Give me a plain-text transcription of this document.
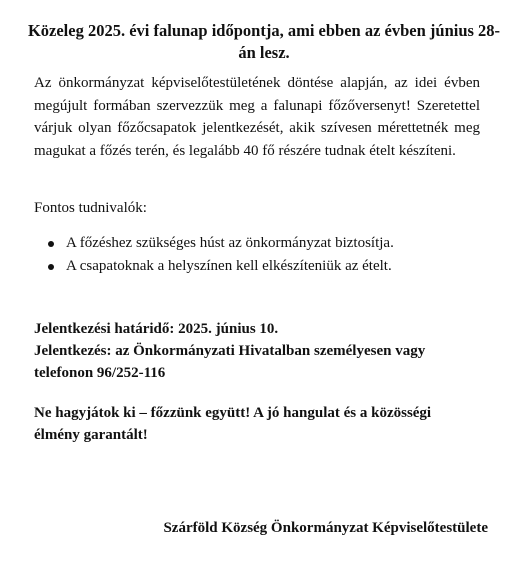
Közeleg 2025. évi falunap időpontja, ami ebben az évben június 28-án lesz.

Az önkormányzat képviselőtestületének döntése alapján, az idei évben megújult formában szervezzük meg a falunapi főzőversenyt! Szeretettel várjuk olyan főzőcsapatok jelentkezését, akik szívesen mérettetnék meg magukat a főzés terén, és legalább 40 fő részére tudnak ételt készíteni.

Fontos tudnivalók:

A főzéshez szükséges húst az önkormányzat biztosítja.
A csapatoknak a helyszínen kell elkészíteniük az ételt.

Jelentkezési határidő: 2025. június 10.

Jelentkezés: az Önkormányzati Hivatalban személyesen vagy telefonon 96/252-116

Ne hagyjátok ki – főzzünk együtt! A jó hangulat és a közösségi élmény garantált!

Szárföld Község Önkormányzat Képviselőtestülete
